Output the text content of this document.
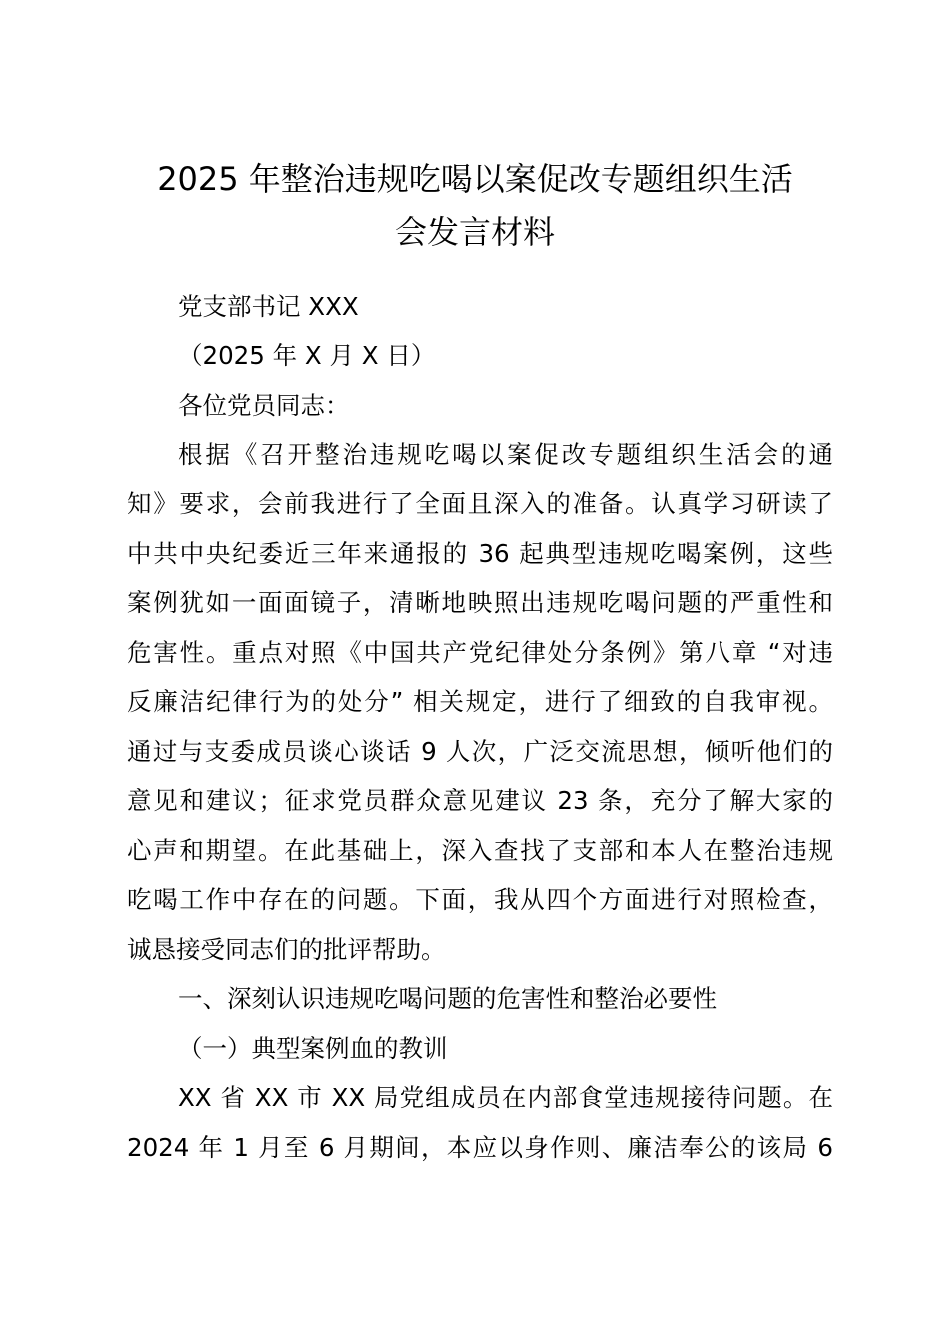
2025 年整治违规吃喝以案促改专题组织生活
会发言材料

党支部书记 XXX

（2025 年 X 月 X 日）

各位党员同志：

根据《召开整治违规吃喝以案促改专题组织生活会的通

知》要求，会前我进行了全面且深入的准备。认真学习研读了

中共中央纪委近三年来通报的 36 起典型违规吃喝案例，这些

案例犹如一面面镜子，清晰地映照出违规吃喝问题的严重性和

危害性。重点对照《中国共产党纪律处分条例》第八章 “对违

反廉洁纪律行为的处分” 相关规定，进行了细致的自我审视。

通过与支委成员谈心谈话 9 人次，广泛交流思想，倾听他们的

意见和建议；征求党员群众意见建议 23 条，充分了解大家的

心声和期望。在此基础上，深入查找了支部和本人在整治违规

吃喝工作中存在的问题。下面，我从四个方面进行对照检查，

诚恳接受同志们的批评帮助。

一、深刻认识违规吃喝问题的危害性和整治必要性

（一）典型案例血的教训

XX 省 XX 市 XX 局党组成员在内部食堂违规接待问题。在

2024 年 1 月至 6 月期间，本应以身作则、廉洁奉公的该局 6
